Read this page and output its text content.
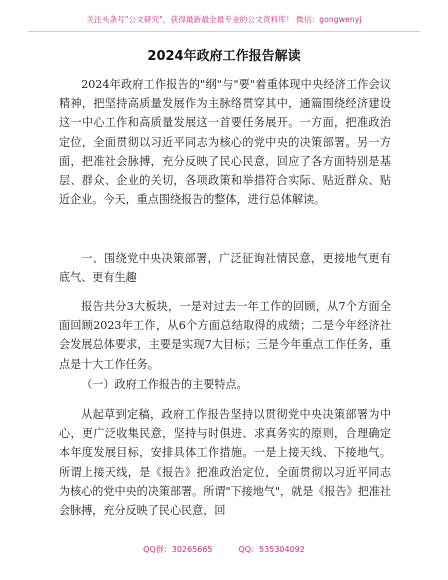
关注头条号"公文研究"，获得最新最全最专业的公文资料库！ 微信：gongwenyj
2024年政府工作报告解读

2024年政府工作报告的"纲"与"要"着重体现中央经济工作会议精神，把坚持高质量发展作为主脉络贯穿其中，通篇围绕经济建设这一中心工作和高质量发展这一首要任务展开。一方面，把准政治定位，全面贯彻以习近平同志为核心的党中央的决策部署。另一方面，把准社会脉搏，充分反映了民心民意，回应了各方面特别是基层、群众、企业的关切，各项政策和举措符合实际、贴近群众、贴近企业。今天，重点围绕报告的整体，进行总体解读。

一、围绕党中央决策部署，广泛征询社情民意，更接地气更有底气、更有生趣

报告共分3大板块，一是对过去一年工作的回顾，从7个方面全面回顾2023年工作，从6个方面总结取得的成绩；二是今年经济社会发展总体要求，主要是实现7大目标；三是今年重点工作任务，重点是十大工作任务。

（一）政府工作报告的主要特点。

从起草到定稿，政府工作报告坚持以贯彻党中央决策部署为中心，更广泛收集民意，坚持与时俱进、求真务实的原则，合理确定本年度发展目标，安排具体工作措施。一是上接天线、下接地气。所谓上接天线，是《报告》把准政治定位，全面贯彻以习近平同志为核心的党中央的决策部署。所谓"下接地气"，就是《报告》把准社会脉搏，充分反映了民心民意，回

QQ群：30265665	QQ：535304092
